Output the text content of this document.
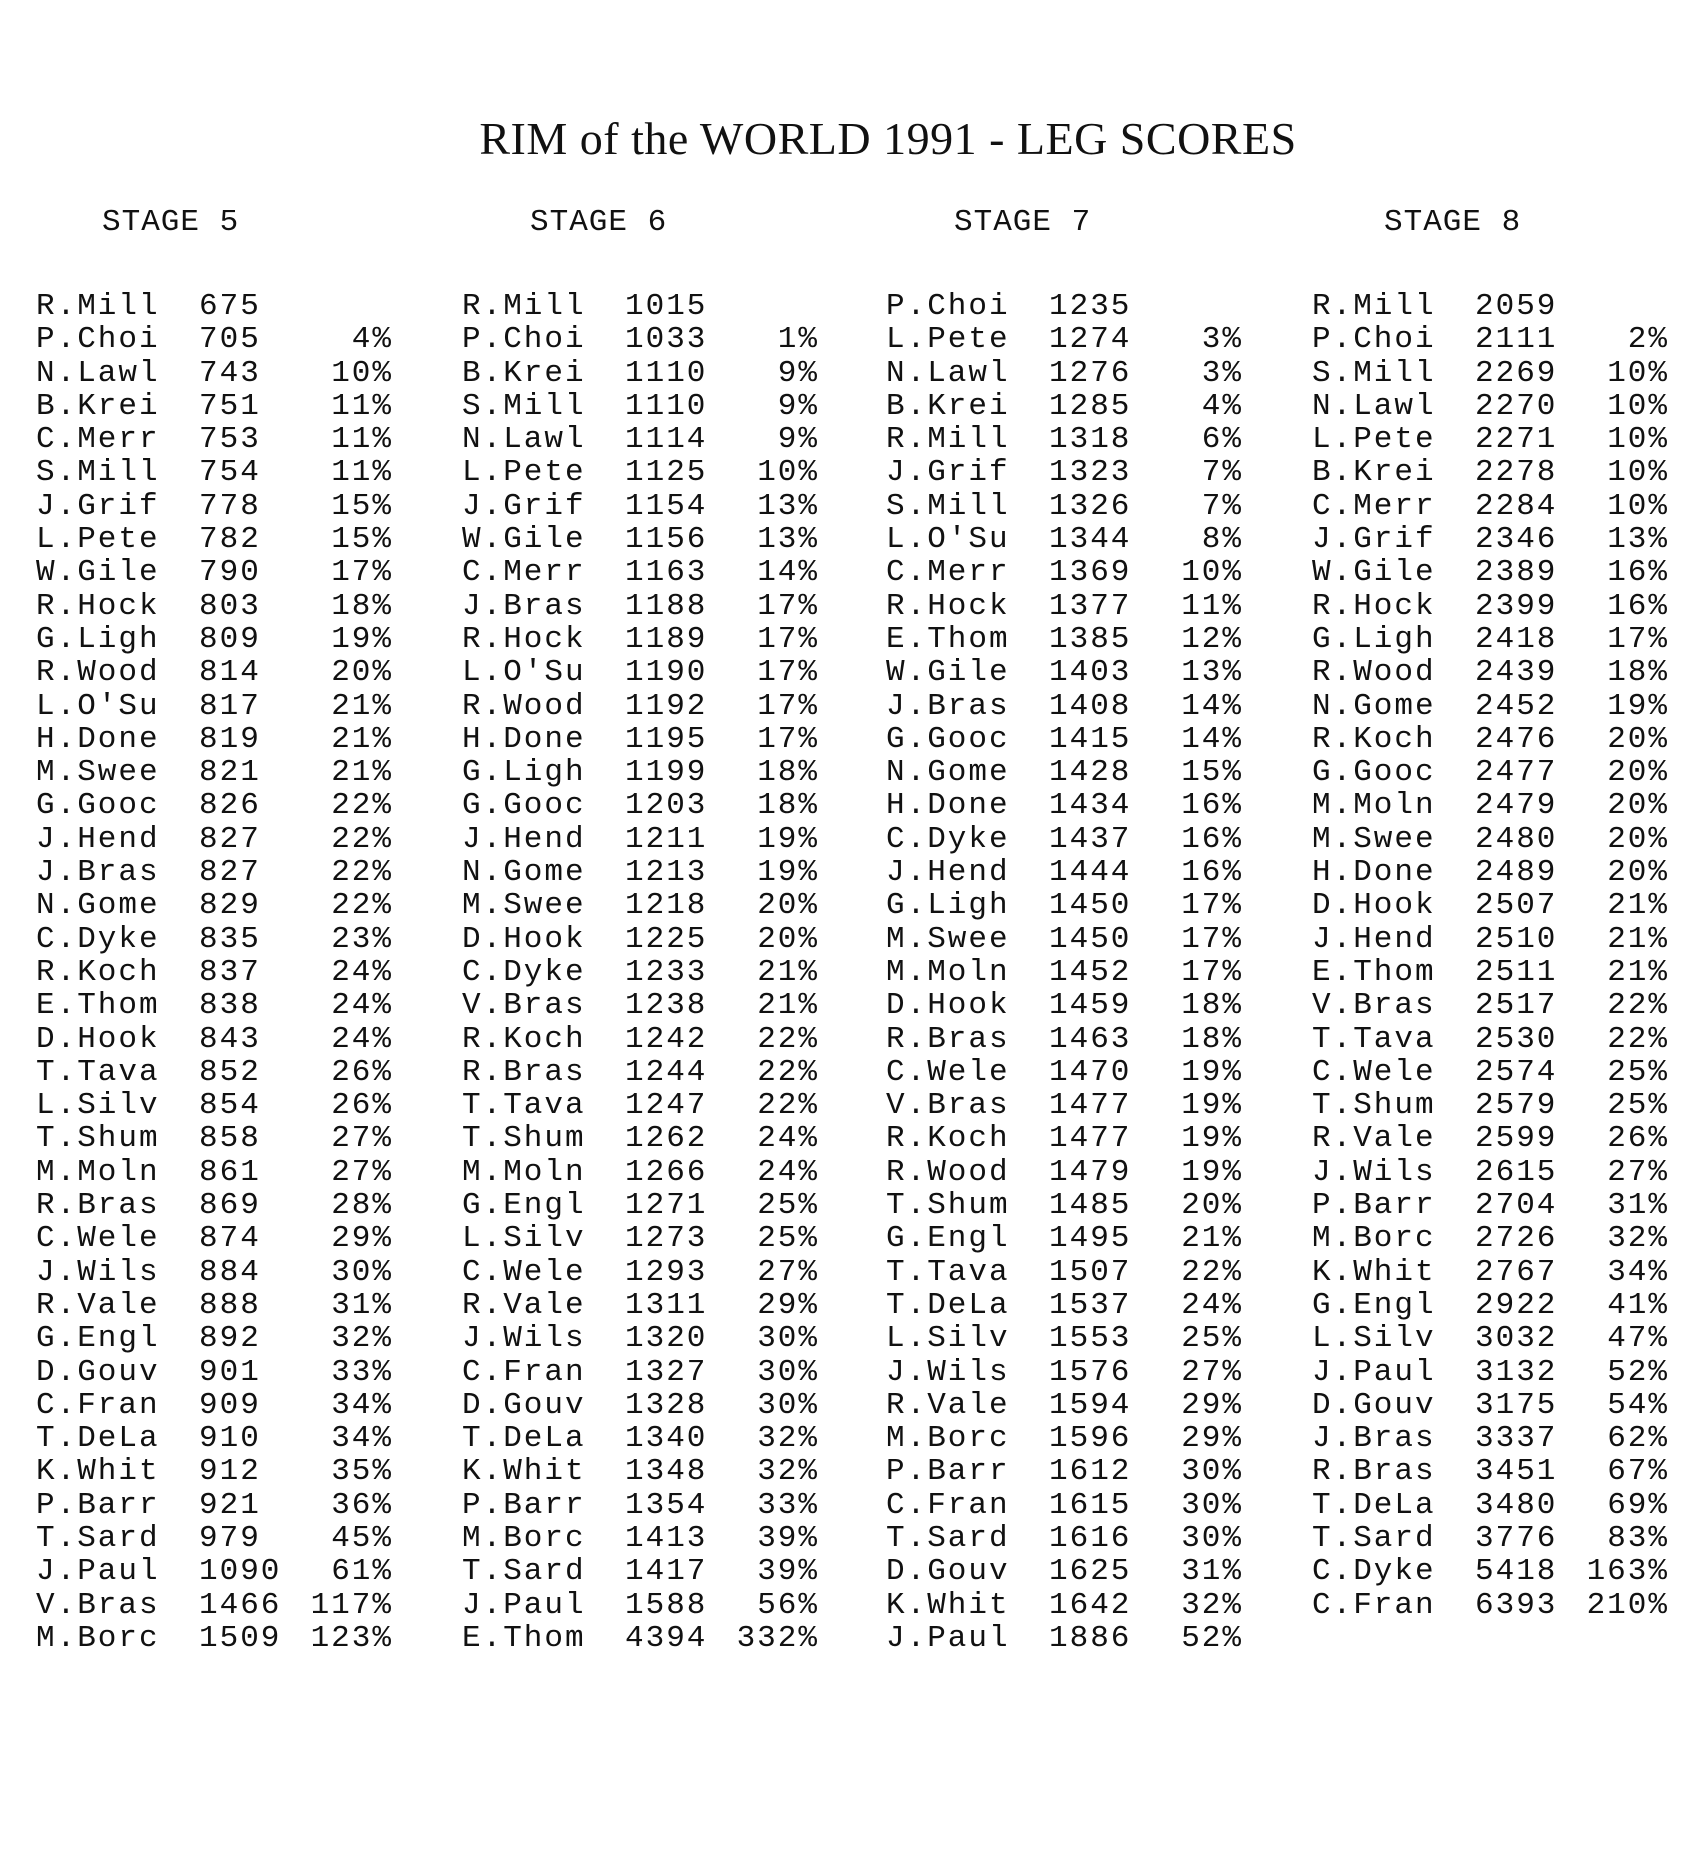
RIM of the WORLD 1991 - LEG SCORES
STAGE 5
R.Mill 675
P.Choi 705	4%
N.Lawl 743	10%
B.Krei 751	11%
C.Merr 753	11%
S.Mill 754	11%
J.Grif 778	15%
L.Pete 782	15%
W.Gile 790	17%
R.Hock 803	18%
G.Ligh 809	19%
R.Wood 814	20%
L.O'Su 817	21%
H.Done 819	21%
M.Swee 821	21%
G.Gooc 826	22%
J.Hend 827	22%
J.Bras 827	22%
N.Gome 829	22%
C.Dyke 835	23%
R.Koch 837	24%
E.Thom 838	24%
D.Hook 843	24%
T.Tava 852	26%
L.Silv 854	26%
T.Shum 858	27%
M.Moln 861	27%
R.Bras 869	28%
C.Wele 874	29%
J.Wils 884	30%
R.Vale 888	31%
G.Engl 892	32%
D.Gouv 901	33%
C.Fran 909	34%
T.DeLa 910	34%
K.Whit 912	35%
P.Barr 921	36%
T.Sard 979	45%
J.Paul 1090	61%
V.Bras 1466 117%
M.Borc 1509 123%
STAGE 6
R.Mill 1015
P.Choi 1033	1%
B.Krei 1110	9%
S.Mill 1110	9%
N.Lawl 1114	9%
L.Pete 1125	10%
J.Grif 1154	13%
W.Gile 1156	13%
C.Merr 1163	14%
J.Bras 1188	17%
R.Hock 1189	17%
L.O'Su 1190	17%
R.Wood 1192	17%
H.Done 1195	17%
G.Ligh 1199	18%
G.Gooc 1203	18%
J.Hend 1211	19%
N.Gome 1213	19%
M.Swee 1218	20%
D.Hook 1225	20%
C.Dyke 1233	21%
V.Bras 1238	21%
R.Koch 1242	22%
R.Bras 1244	22%
T.Tava 1247	22%
T.Shum 1262	24%
M.Moln 1266	24%
G.Engl 1271	25%
L.Silv 1273	25%
C.Wele 1293	27%
R.Vale 1311	29%
J.Wils 1320	30%
C.Fran 1327	30%
D.Gouv 1328	30%
T.DeLa 1340	32%
K.Whit 1348	32%
P.Barr 1354	33%
M.Borc 1413	39%
T.Sard 1417	39%
J.Paul 1588	56%
E.Thom 4394 332%
STAGE 7
P.Choi 1235
L.Pete 1274	3%
N.Lawl 1276	3%
B.Krei 1285	4%
R.Mill 1318	6%
J.Grif 1323	7%
S.Mill 1326	7%
L.O'Su 1344	8%
C.Merr 1369	10%
R.Hock 1377	11%
E.Thom 1385	12%
W.Gile 1403	13%
J.Bras 1408	14%
G.Gooc 1415	14%
N.Gome 1428	15%
H.Done 1434	16%
C.Dyke 1437	16%
J.Hend 1444	16%
G.Ligh 1450	17%
M.Swee 1450	17%
M.Moln 1452	17%
D.Hook 1459	18%
R.Bras 1463	18%
C.Wele 1470	19%
V.Bras 1477	19%
R.Koch 1477	19%
R.Wood 1479	19%
T.Shum 1485	20%
G.Engl 1495	21%
T.Tava 1507	22%
T.DeLa 1537	24%
L.Silv 1553	25%
J.Wils 1576	27%
R.Vale 1594	29%
M.Borc 1596	29%
P.Barr 1612	30%
C.Fran 1615	30%
T.Sard 1616	30%
D.Gouv 1625	31%
K.Whit 1642	32%
J.Paul 1886	52%
STAGE 8
R.Mill 2059
P.Choi 2111	2%
S.Mill 2269	10%
N.Lawl 2270	10%
L.Pete 2271	10%
B.Krei 2278	10%
C.Merr 2284	10%
J.Grif 2346	13%
W.Gile 2389	16%
R.Hock 2399	16%
G.Ligh 2418	17%
R.Wood 2439	18%
N.Gome 2452	19%
R.Koch 2476	20%
G.Gooc 2477	20%
M.Moln 2479	20%
M.Swee 2480	20%
H.Done 2489	20%
D.Hook 2507	21%
J.Hend 2510	21%
E.Thom 2511	21%
V.Bras 2517	22%
T.Tava 2530	22%
C.Wele 2574	25%
T.Shum 2579	25%
R.Vale 2599	26%
J.Wils 2615	27%
P.Barr 2704	31%
M.Borc 2726	32%
K.Whit 2767	34%
G.Engl 2922	41%
L.Silv 3032	47%
J.Paul 3132	52%
D.Gouv 3175	54%
J.Bras 3337	62%
R.Bras 3451	67%
T.DeLa 3480	69%
T.Sard 3776	83%
C.Dyke 5418 163%
C.Fran 6393 210%
